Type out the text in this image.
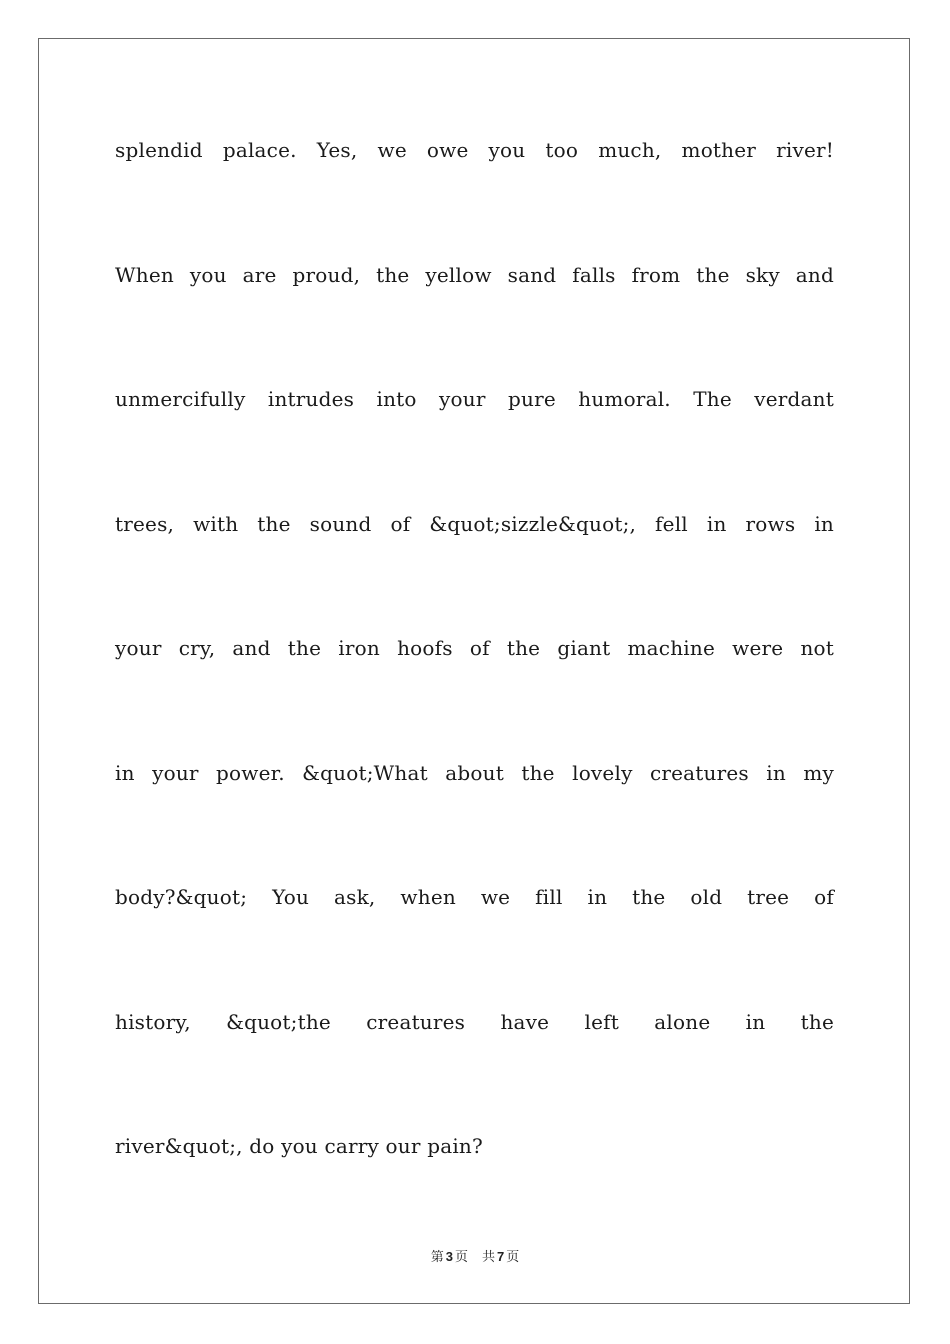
splendid palace. Yes, we owe you too much, mother river!
When you are proud, the yellow sand falls from the sky and
unmercifully intrudes into your pure humoral. The verdant
trees, with the sound of &quot;sizzle&quot;, fell in rows in
your cry, and the iron hoofs of the giant machine were not
in your power. &quot;What about the lovely creatures in my
body?&quot; You ask, when we fill in the old tree of
history, &quot;the creatures have left alone in the
river&quot;, do you carry our pain?
第 3 页 共 7 页
